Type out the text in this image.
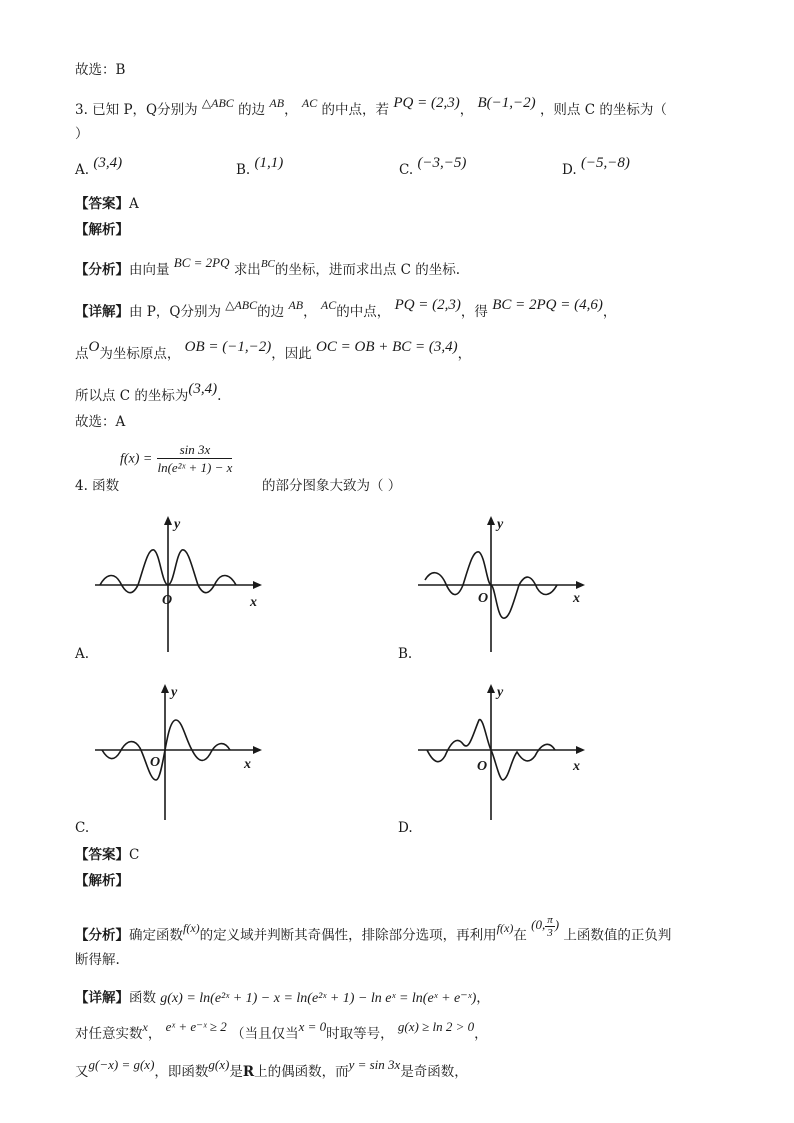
故选：B
3. 已知 P，Q分别为 △ABC 的边 AB， AC 的中点，若 PQ = (2,3)， B(−1,−2) ，则点 C 的坐标为（
）
A. (3,4)	B. (1,1)	C. (−3,−5)	D. (−5,−8)
【答案】A
【解析】
【分析】由向量 BC = 2PQ 求出$^{BC}$的坐标，进而求出点 C 的坐标.
【详解】由 P，Q分别为 △ABC的边 AB， AC的中点， PQ = (2,3)，得 BC = 2PQ = (4,6)，
点O为坐标原点， OB = (−1,−2)，因此 OC = OB + BC = (3,4)，
所以点 C 的坐标为(3,4).
故选：A
4. 函数
$f(x) = \frac{\sin 3x}{\text{ln(e²ˣ + 1) − x}}$
的部分图象大致为（ ）
y
O	x
A.
y
O	x
B.
y
O	x
C.
y
O	x
D.
【答案】C
【解析】
【分析】确定函数f(x)的定义域并判断其奇偶性，排除部分选项，再利用f(x)在 (0, $\frac{\pi}{3}$ ) 上函数值的正负判
断得解.
【详解】函数 g(x) = ln(e²ˣ + 1) − x = ln(e²ˣ + 1) − ln eˣ = ln(eˣ + e⁻ˣ)，
对任意实数x， eˣ + e⁻ˣ ≥ 2 （当且仅当x = 0时取等号， g(x) ≥ ln 2 > 0，
又g(−x) = g(x)，即函数g(x)是R上的偶函数，而y = sin 3x是奇函数，
